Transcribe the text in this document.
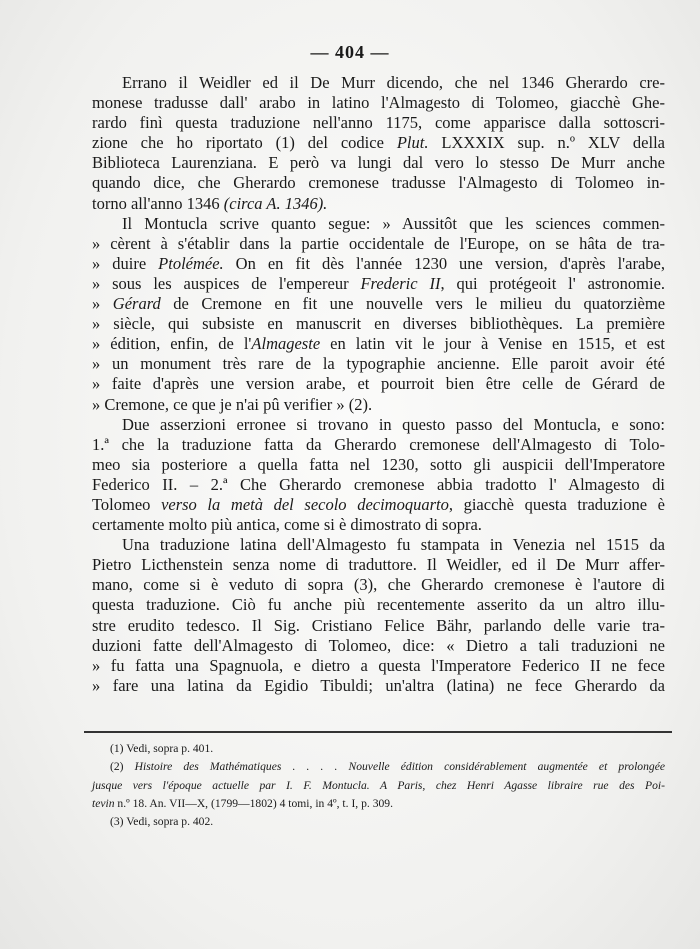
— 404 —
Errano il Weidler ed il De Murr dicendo, che nel 1346 Gherardo cre-
monese tradusse dall' arabo in latino l'Almagesto di Tolomeo, giacchè Ghe-
rardo finì questa traduzione nell'anno 1175, come apparisce dalla sottoscri-
zione che ho riportato (1) del codice Plut. LXXXIX sup. n.º XLV della
Biblioteca Laurenziana. E però va lungi dal vero lo stesso De Murr anche
quando dice, che Gherardo cremonese tradusse l'Almagesto di Tolomeo in-
torno all'anno 1346 (circa A. 1346).
Il Montucla scrive quanto segue: » Aussitôt que les sciences commen-
» cèrent à s'établir dans la partie occidentale de l'Europe, on se hâta de tra-
» duire Ptolémée. On en fit dès l'année 1230 une version, d'après l'arabe,
» sous les auspices de l'empereur Frederic II, qui protégeoit l' astronomie.
» Gérard de Cremone en fit une nouvelle vers le milieu du quatorzième
» siècle, qui subsiste en manuscrit en diverses bibliothèques. La première
» édition, enfin, de l'Almageste en latin vit le jour à Venise en 1515, et est
» un monument très rare de la typographie ancienne. Elle paroit avoir été
» faite d'après une version arabe, et pourroit bien être celle de Gérard de
» Cremone, ce que je n'ai pû verifier » (2).
Due asserzioni erronee si trovano in questo passo del Montucla, e sono:
1.ª che la traduzione fatta da Gherardo cremonese dell'Almagesto di Tolo-
meo sia posteriore a quella fatta nel 1230, sotto gli auspicii dell'Imperatore
Federico II. – 2.ª Che Gherardo cremonese abbia tradotto l' Almagesto di
Tolomeo verso la metà del secolo decimoquarto, giacchè questa traduzione è
certamente molto più antica, come si è dimostrato di sopra.
Una traduzione latina dell'Almagesto fu stampata in Venezia nel 1515 da
Pietro Licthenstein senza nome di traduttore. Il Weidler, ed il De Murr affer-
mano, come si è veduto di sopra (3), che Gherardo cremonese è l'autore di
questa traduzione. Ciò fu anche più recentemente asserito da un altro illu-
stre erudito tedesco. Il Sig. Cristiano Felice Bähr, parlando delle varie tra-
duzioni fatte dell'Almagesto di Tolomeo, dice: « Dietro a tali traduzioni ne
» fu fatta una Spagnuola, e dietro a questa l'Imperatore Federico II ne fece
» fare una latina da Egidio Tibuldi; un'altra (latina) ne fece Gherardo da
(1) Vedi, sopra p. 401.
(2) Histoire des Mathématiques . . . . Nouvelle édition considérablement augmentée et prolongée
jusque vers l'époque actuelle par I. F. Montucla. A Paris, chez Henri Agasse libraire rue des Poi-
tevin n.º 18. An. VII—X, (1799—1802) 4 tomi, in 4º, t. I, p. 309.
(3) Vedi, sopra p. 402.
